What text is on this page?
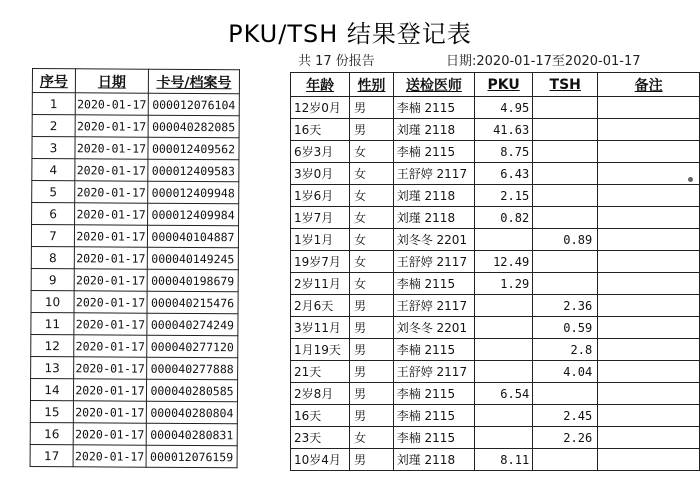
PKU/TSH 结果登记表
共 17 份报告	日期:2020-01-17至2020-01-17
序号	日期	卡号/档案号
1	2020-01-17	000012076104
2	2020-01-17	000040282085
3	2020-01-17	000012409562
4	2020-01-17	000012409583
5	2020-01-17	000012409948
6	2020-01-17	000012409984
7	2020-01-17	000040104887
8	2020-01-17	000040149245
9	2020-01-17	000040198679
10	2020-01-17	000040215476
11	2020-01-17	000040274249
12	2020-01-17	000040277120
13	2020-01-17	000040277888
14	2020-01-17	000040280585
15	2020-01-17	000040280804
16	2020-01-17	000040280831
17	2020-01-17	000012076159
年龄	性别	送检医师	PKU	TSH	备注
12岁0月	男	李楠 2115	4.95		
16天	男	刘瑾 2118	41.63		
6岁3月	女	李楠 2115	8.75		
3岁0月	女	王舒婷 2117	6.43		
1岁6月	女	刘瑾 2118	2.15		
1岁7月	女	刘瑾 2118	0.82		
1岁1月	女	刘冬冬 2201		0.89	
19岁7月	女	王舒婷 2117	12.49		
2岁11月	女	李楠 2115	1.29		
2月6天	男	王舒婷 2117		2.36	
3岁11月	男	刘冬冬 2201		0.59	
1月19天	男	李楠 2115		2.8	
21天	男	王舒婷 2117		4.04	
2岁8月	男	李楠 2115	6.54		
16天	男	李楠 2115		2.45	
23天	女	李楠 2115		2.26	
10岁4月	男	刘瑾 2118	8.11		
